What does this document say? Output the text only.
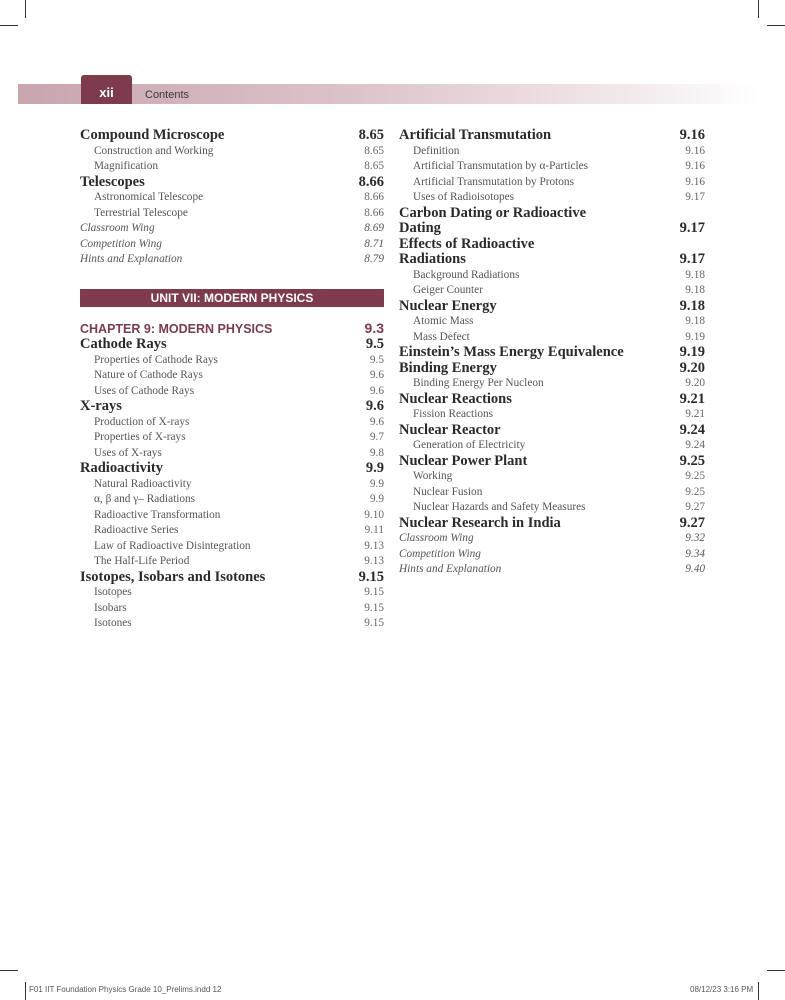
xii	Contents
Compound Microscope	8.65
Construction and Working	8.65
Magnification	8.65
Telescopes	8.66
Astronomical Telescope	8.66
Terrestrial Telescope	8.66
Classroom Wing	8.69
Competition Wing	8.71
Hints and Explanation	8.79
UNIT VII: MODERN PHYSICS
CHAPTER 9: MODERN PHYSICS	9.3
Cathode Rays	9.5
Properties of Cathode Rays	9.5
Nature of Cathode Rays	9.6
Uses of Cathode Rays	9.6
X-rays	9.6
Production of X-rays	9.6
Properties of X-rays	9.7
Uses of X-rays	9.8
Radioactivity	9.9
Natural Radioactivity	9.9
α, β and γ– Radiations	9.9
Radioactive Transformation	9.10
Radioactive Series	9.11
Law of Radioactive Disintegration	9.13
The Half-Life Period	9.13
Isotopes, Isobars and Isotones	9.15
Isotopes	9.15
Isobars	9.15
Isotones	9.15
Artificial Transmutation	9.16
Definition	9.16
Artificial Transmutation by α-Particles	9.16
Artificial Transmutation by Protons	9.16
Uses of Radioisotopes	9.17
Carbon Dating or Radioactive
Dating	9.17
Effects of Radioactive
Radiations	9.17
Background Radiations	9.18
Geiger Counter	9.18
Nuclear Energy	9.18
Atomic Mass	9.18
Mass Defect	9.19
Einstein’s Mass Energy Equivalence	9.19
Binding Energy	9.20
Binding Energy Per Nucleon	9.20
Nuclear Reactions	9.21
Fission Reactions	9.21
Nuclear Reactor	9.24
Generation of Electricity	9.24
Nuclear Power Plant	9.25
Working	9.25
Nuclear Fusion	9.25
Nuclear Hazards and Safety Measures	9.27
Nuclear Research in India	9.27
Classroom Wing	9.32
Competition Wing	9.34
Hints and Explanation	9.40
F01 IIT Foundation Physics Grade 10_Prelims.indd 12	08/12/23 3:16 PM
